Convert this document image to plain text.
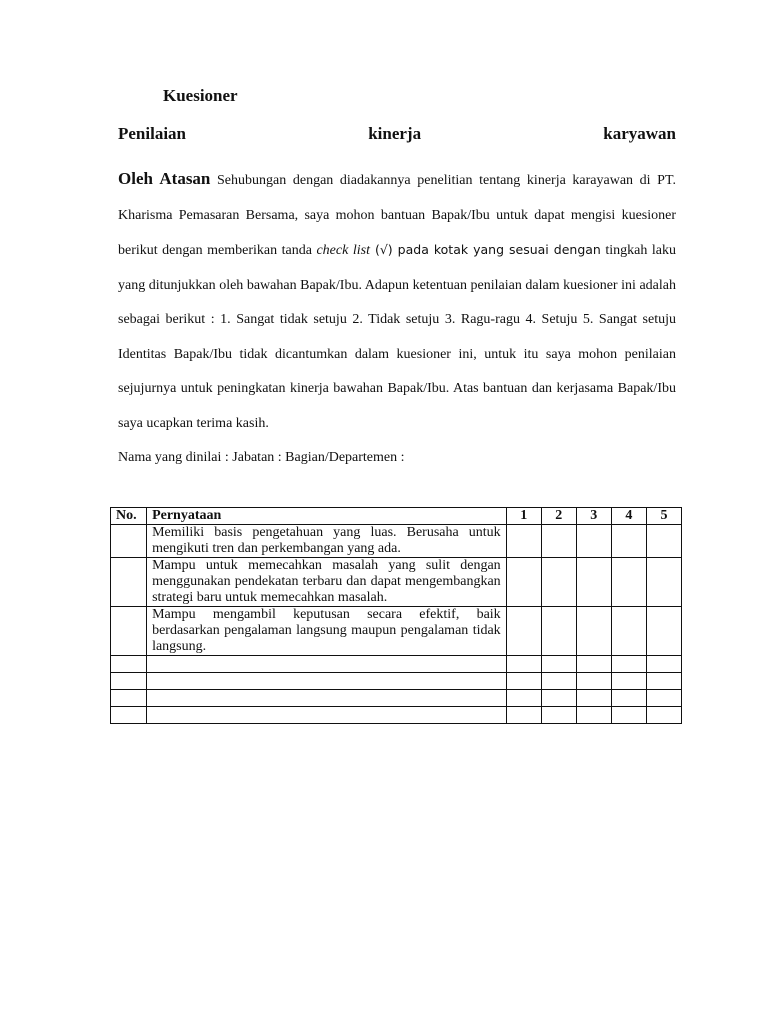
Kuesioner
Penilaian	kinerja	karyawan
Oleh Atasan Sehubungan dengan diadakannya penelitian tentang kinerja karayawan di PT. Kharisma Pemasaran Bersama, saya mohon bantuan Bapak/Ibu untuk dapat mengisi kuesioner berikut dengan memberikan tanda check list (√) pada kotak yang sesuai dengan tingkah laku yang ditunjukkan oleh bawahan Bapak/Ibu. Adapun ketentuan penilaian dalam kuesioner ini adalah sebagai berikut : 1. Sangat tidak setuju 2. Tidak setuju 3. Ragu-ragu 4. Setuju 5. Sangat setuju Identitas Bapak/Ibu tidak dicantumkan dalam kuesioner ini, untuk itu saya mohon penilaian sejujurnya untuk peningkatan kinerja bawahan Bapak/Ibu. Atas bantuan dan kerjasama Bapak/Ibu saya ucapkan terima kasih.
Nama yang dinilai : Jabatan : Bagian/Departemen :
No.	Pernyataan	1	2	3	4	5
	Memiliki basis pengetahuan yang luas. Berusaha untuk mengikuti tren dan perkembangan yang ada.					
	Mampu untuk memecahkan masalah yang sulit dengan menggunakan pendekatan terbaru dan dapat mengembangkan strategi baru untuk memecahkan masalah.					
	Mampu mengambil keputusan secara efektif, baik berdasarkan pengalaman langsung maupun pengalaman tidak langsung.					
